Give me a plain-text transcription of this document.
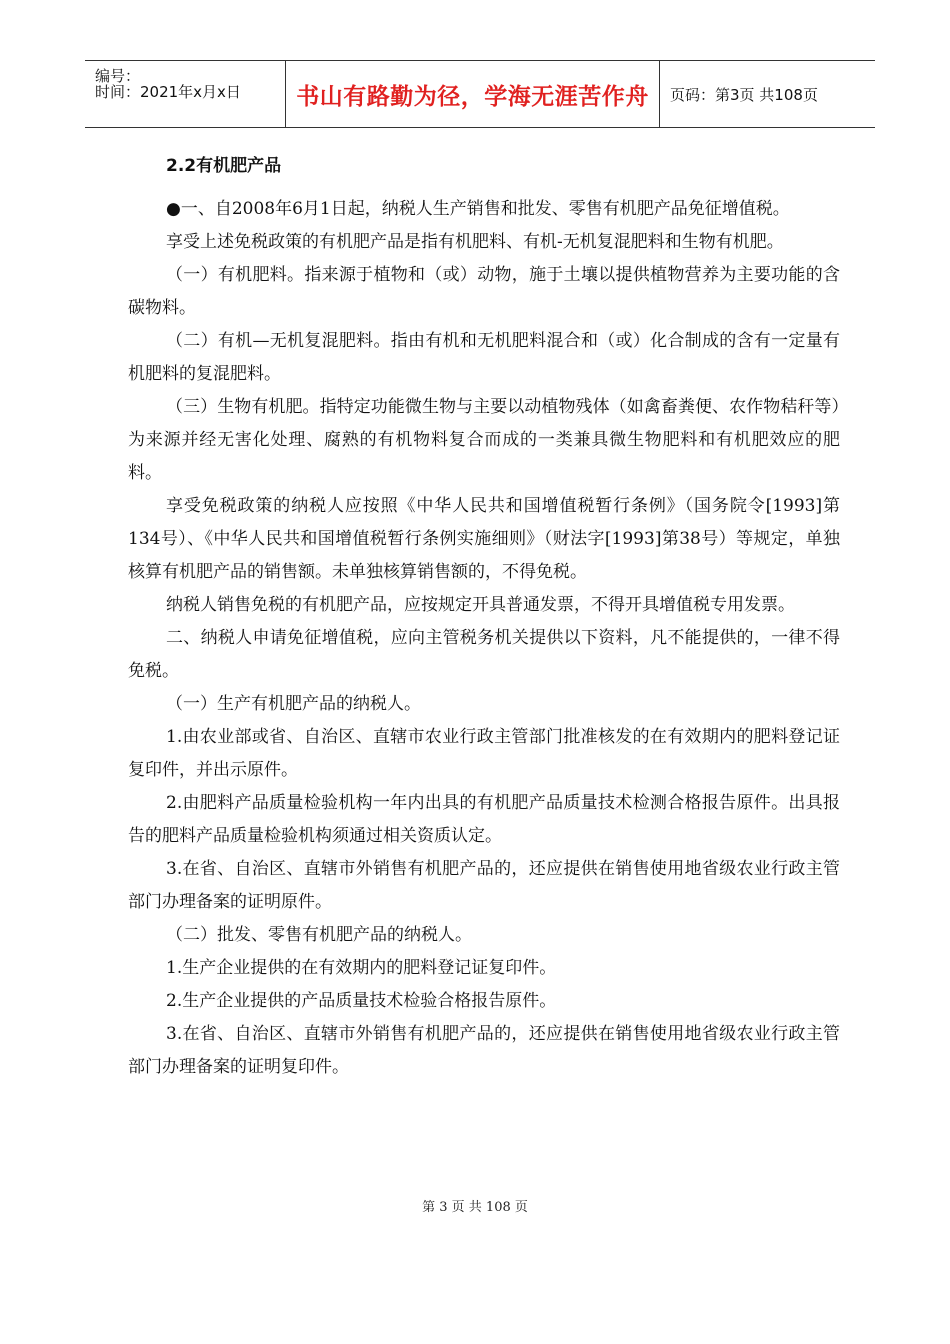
编号：
时间：2021年x月x日 书山有路勤为径，学海无涯苦作舟 页码：第3页 共108页
2.2有机肥产品

●一、自2008年6月1日起，纳税人生产销售和批发、零售有机肥产品免征增值税。

享受上述免税政策的有机肥产品是指有机肥料、有机-无机复混肥料和生物有机肥。

（一）有机肥料。指来源于植物和（或）动物，施于土壤以提供植物营养为主要功能的含碳物料。

（二）有机—无机复混肥料。指由有机和无机肥料混合和（或）化合制成的含有一定量有机肥料的复混肥料。

（三）生物有机肥。指特定功能微生物与主要以动植物残体（如禽畜粪便、农作物秸秆等）为来源并经无害化处理、腐熟的有机物料复合而成的一类兼具微生物肥料和有机肥效应的肥料。

享受免税政策的纳税人应按照《中华人民共和国增值税暂行条例》（国务院令[1993]第134号）、《中华人民共和国增值税暂行条例实施细则》（财法字[1993]第38号）等规定，单独核算有机肥产品的销售额。未单独核算销售额的，不得免税。

纳税人销售免税的有机肥产品，应按规定开具普通发票，不得开具增值税专用发票。

二、纳税人申请免征增值税，应向主管税务机关提供以下资料，凡不能提供的，一律不得免税。

（一）生产有机肥产品的纳税人。

1.由农业部或省、自治区、直辖市农业行政主管部门批准核发的在有效期内的肥料登记证复印件，并出示原件。

2.由肥料产品质量检验机构一年内出具的有机肥产品质量技术检测合格报告原件。出具报告的肥料产品质量检验机构须通过相关资质认定。

3.在省、自治区、直辖市外销售有机肥产品的，还应提供在销售使用地省级农业行政主管部门办理备案的证明原件。

（二）批发、零售有机肥产品的纳税人。

1.生产企业提供的在有效期内的肥料登记证复印件。

2.生产企业提供的产品质量技术检验合格报告原件。

3.在省、自治区、直辖市外销售有机肥产品的，还应提供在销售使用地省级农业行政主管部门办理备案的证明复印件。

第 3 页 共 108 页
